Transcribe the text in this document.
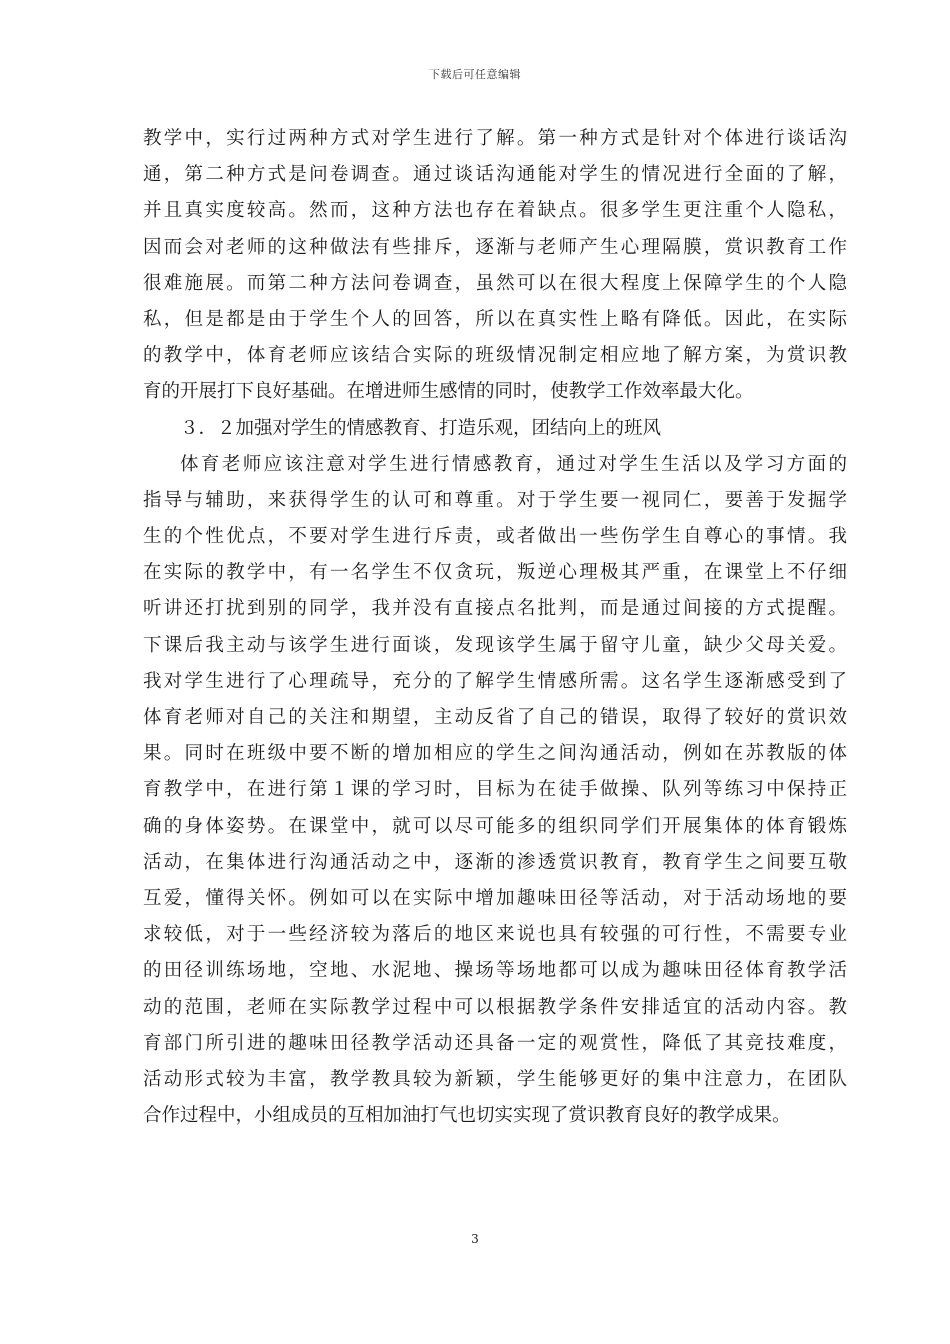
下载后可任意编辑
教学中，实行过两种方式对学生进行了解。第一种方式是针对个体进行谈话沟
通，第二种方式是问卷调查。通过谈话沟通能对学生的情况进行全面的了解，
并且真实度较高。然而，这种方法也存在着缺点。很多学生更注重个人隐私，
因而会对老师的这种做法有些排斥，逐渐与老师产生心理隔膜，赏识教育工作
很难施展。而第二种方法问卷调查，虽然可以在很大程度上保障学生的个人隐
私，但是都是由于学生个人的回答，所以在真实性上略有降低。因此，在实际
的教学中，体育老师应该结合实际的班级情况制定相应地了解方案，为赏识教
育的开展打下良好基础。在增进师生感情的同时，使教学工作效率最大化。
３．２加强对学生的情感教育、打造乐观，团结向上的班风
体育老师应该注意对学生进行情感教育，通过对学生生活以及学习方面的
指导与辅助，来获得学生的认可和尊重。对于学生要一视同仁，要善于发掘学
生的个性优点，不要对学生进行斥责，或者做出一些伤学生自尊心的事情。我
在实际的教学中，有一名学生不仅贪玩，叛逆心理极其严重，在课堂上不仔细
听讲还打扰到别的同学，我并没有直接点名批判，而是通过间接的方式提醒。
下课后我主动与该学生进行面谈，发现该学生属于留守儿童，缺少父母关爱。
我对学生进行了心理疏导，充分的了解学生情感所需。这名学生逐渐感受到了
体育老师对自己的关注和期望，主动反省了自己的错误，取得了较好的赏识效
果。同时在班级中要不断的增加相应的学生之间沟通活动，例如在苏教版的体
育教学中，在进行第１课的学习时，目标为在徒手做操、队列等练习中保持正
确的身体姿势。在课堂中，就可以尽可能多的组织同学们开展集体的体育锻炼
活动，在集体进行沟通活动之中，逐渐的渗透赏识教育，教育学生之间要互敬
互爱，懂得关怀。例如可以在实际中增加趣味田径等活动，对于活动场地的要
求较低，对于一些经济较为落后的地区来说也具有较强的可行性，不需要专业
的田径训练场地，空地、水泥地、操场等场地都可以成为趣味田径体育教学活
动的范围，老师在实际教学过程中可以根据教学条件安排适宜的活动内容。教
育部门所引进的趣味田径教学活动还具备一定的观赏性，降低了其竞技难度，
活动形式较为丰富，教学教具较为新颖，学生能够更好的集中注意力，在团队
合作过程中，小组成员的互相加油打气也切实实现了赏识教育良好的教学成果。
3
